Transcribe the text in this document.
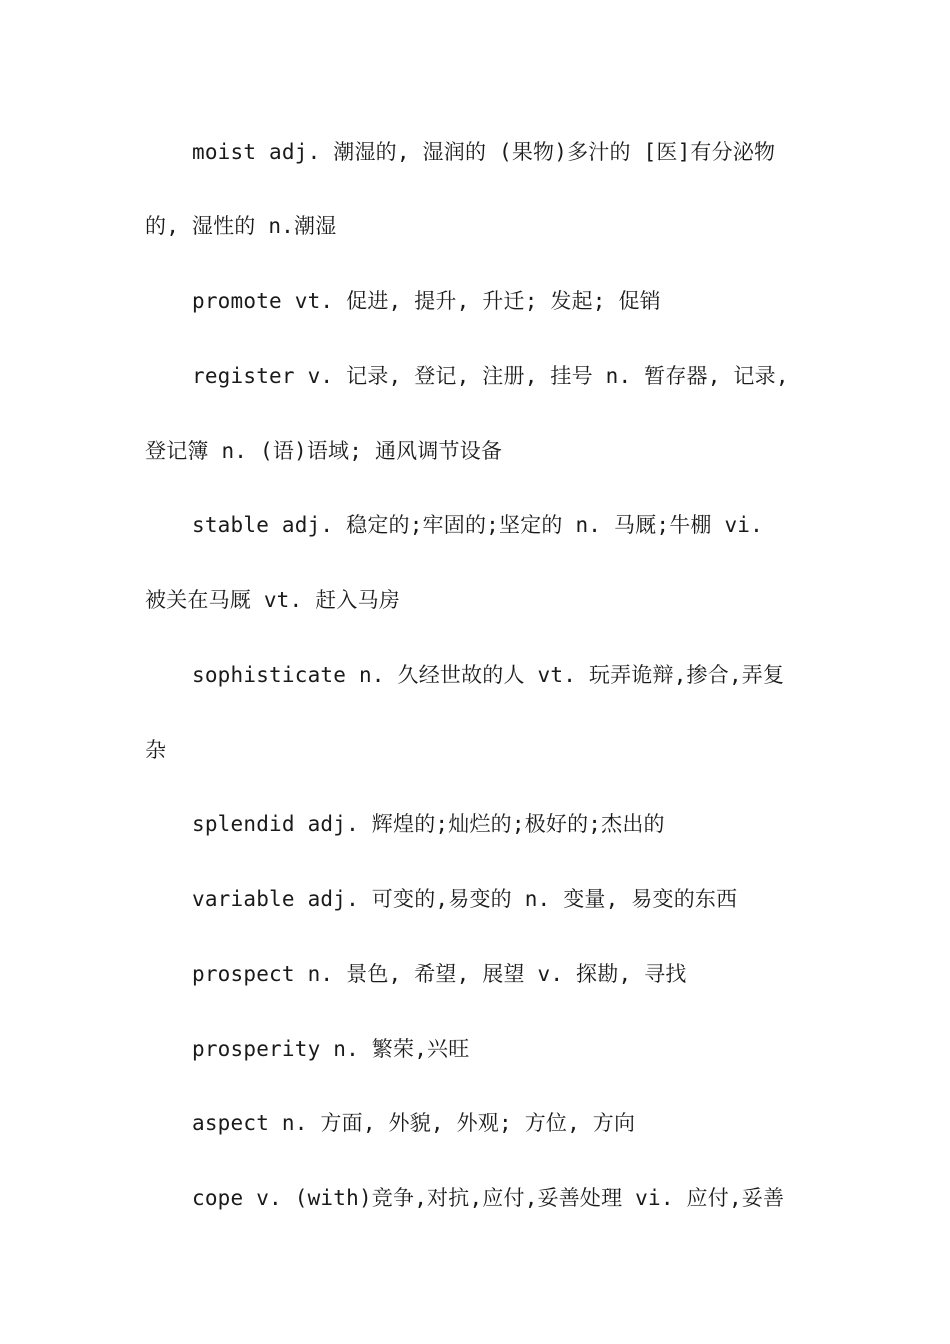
moist adj. 潮湿的, 湿润的 (果物)多汁的 [医]有分泌物
的, 湿性的 n.潮湿
promote vt. 促进, 提升, 升迁; 发起; 促销
register v. 记录, 登记, 注册, 挂号 n. 暂存器, 记录,
登记簿 n. (语)语域; 通风调节设备
stable adj. 稳定的;牢固的;坚定的 n. 马厩;牛棚 vi.
被关在马厩 vt. 赶入马房
sophisticate n. 久经世故的人 vt. 玩弄诡辩,掺合,弄复
杂
splendid adj. 辉煌的;灿烂的;极好的;杰出的
variable adj. 可变的,易变的 n. 变量, 易变的东西
prospect n. 景色, 希望, 展望 v. 探勘, 寻找
prosperity n. 繁荣,兴旺
aspect n. 方面, 外貌, 外观; 方位, 方向
cope v. (with)竞争,对抗,应付,妥善处理 vi. 应付,妥善
